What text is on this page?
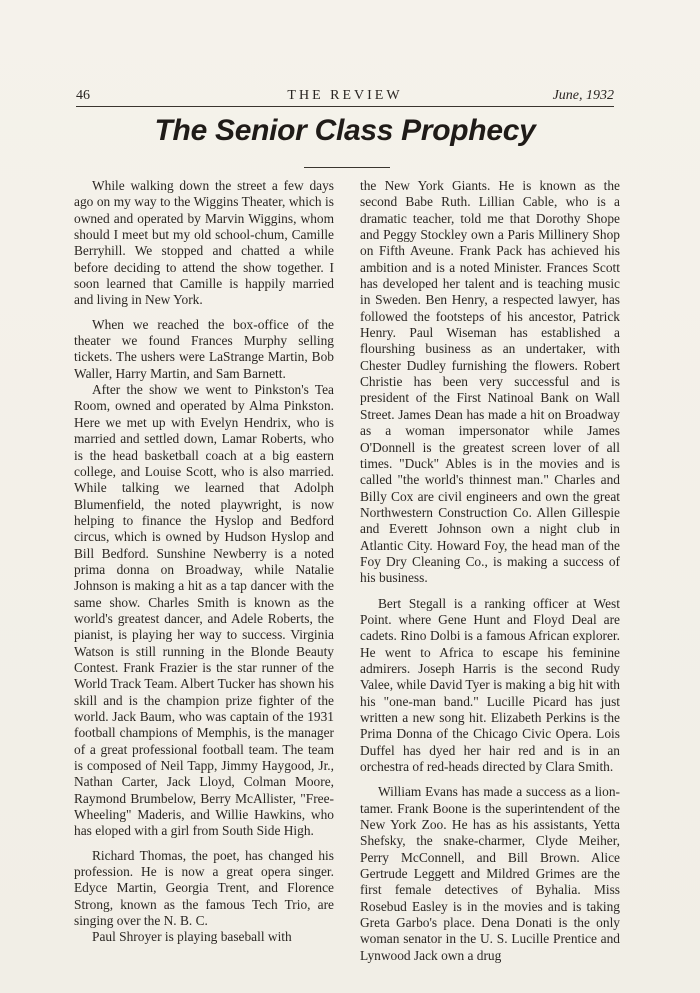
46	THE REVIEW	June, 1932
The Senior Class Prophecy

While walking down the street a few days ago on my way to the Wiggins Theater, which is owned and operated by Marvin Wiggins, whom should I meet but my old school-chum, Camille Berryhill. We stopped and chatted a while before deciding to attend the show together. I soon learned that Camille is happily married and living in New York.

When we reached the box-office of the theater we found Frances Murphy selling tickets. The ushers were LaStrange Martin, Bob Waller, Harry Martin, and Sam Barnett.

After the show we went to Pinkston's Tea Room, owned and operated by Alma Pinkston. Here we met up with Evelyn Hendrix, who is married and settled down, Lamar Roberts, who is the head basketball coach at a big eastern college, and Louise Scott, who is also married. While talking we learned that Adolph Blumenfield, the noted playwright, is now helping to finance the Hyslop and Bedford circus, which is owned by Hudson Hyslop and Bill Bedford. Sunshine Newberry is a noted prima donna on Broadway, while Natalie Johnson is making a hit as a tap dancer with the same show. Charles Smith is known as the world's greatest dancer, and Adele Roberts, the pianist, is playing her way to success. Virginia Watson is still running in the Blonde Beauty Contest. Frank Frazier is the star runner of the World Track Team. Albert Tucker has shown his skill and is the champion prize fighter of the world. Jack Baum, who was captain of the 1931 football champions of Memphis, is the manager of a great professional football team. The team is composed of Neil Tapp, Jimmy Haygood, Jr., Nathan Carter, Jack Lloyd, Colman Moore, Raymond Brumbelow, Berry McAllister, "Free-Wheeling" Maderis, and Willie Hawkins, who has eloped with a girl from South Side High.

Richard Thomas, the poet, has changed his profession. He is now a great opera singer. Edyce Martin, Georgia Trent, and Florence Strong, known as the famous Tech Trio, are singing over the N. B. C.

Paul Shroyer is playing baseball with

the New York Giants. He is known as the second Babe Ruth. Lillian Cable, who is a dramatic teacher, told me that Dorothy Shope and Peggy Stockley own a Paris Millinery Shop on Fifth Aveune. Frank Pack has achieved his ambition and is a noted Minister. Frances Scott has developed her talent and is teaching music in Sweden. Ben Henry, a respected lawyer, has followed the footsteps of his ancestor, Patrick Henry. Paul Wiseman has established a flourshing business as an undertaker, with Chester Dudley furnishing the flowers. Robert Christie has been very successful and is president of the First Natinoal Bank on Wall Street. James Dean has made a hit on Broadway as a woman impersonator while James O'Donnell is the greatest screen lover of all times. "Duck" Ables is in the movies and is called "the world's thinnest man." Charles and Billy Cox are civil engineers and own the great Northwestern Construction Co. Allen Gillespie and Everett Johnson own a night club in Atlantic City. Howard Foy, the head man of the Foy Dry Cleaning Co., is making a success of his business.

Bert Stegall is a ranking officer at West Point. where Gene Hunt and Floyd Deal are cadets. Rino Dolbi is a famous African explorer. He went to Africa to escape his feminine admirers. Joseph Harris is the second Rudy Valee, while David Tyer is making a big hit with his "one-man band." Lucille Picard has just written a new song hit. Elizabeth Perkins is the Prima Donna of the Chicago Civic Opera. Lois Duffel has dyed her hair red and is in an orchestra of red-heads directed by Clara Smith.

William Evans has made a success as a lion-tamer. Frank Boone is the superintendent of the New York Zoo. He has as his assistants, Yetta Shefsky, the snake-charmer, Clyde Meiher, Perry McConnell, and Bill Brown. Alice Gertrude Leggett and Mildred Grimes are the first female detectives of Byhalia. Miss Rosebud Easley is in the movies and is taking Greta Garbo's place. Dena Donati is the only woman senator in the U. S. Lucille Prentice and Lynwood Jack own a drug
